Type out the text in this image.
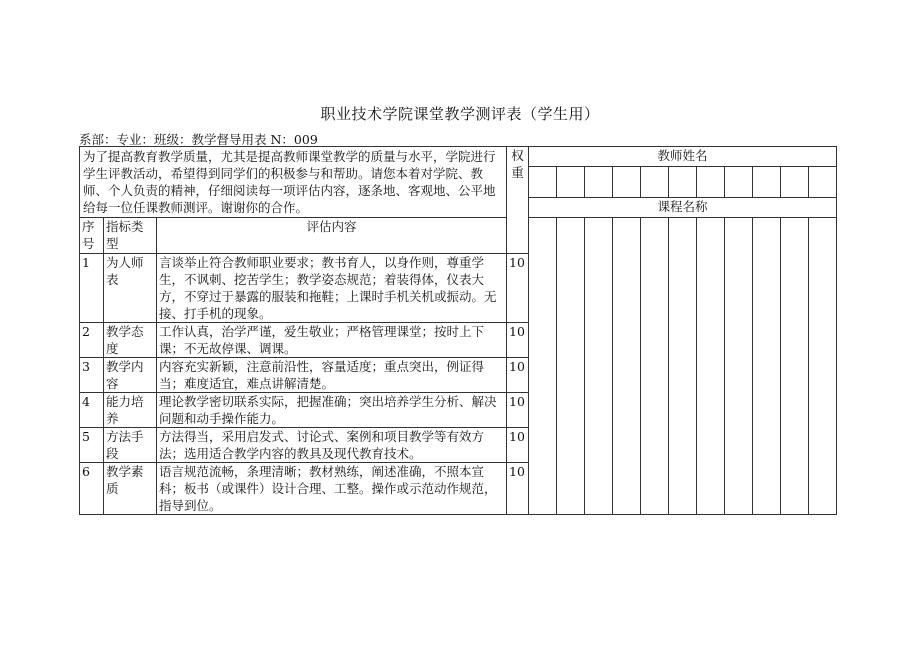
职业技术学院课堂教学测评表（学生用）
系部：专业：班级：教学督导用表 N：009
为了提高教育教学质量，尤其是提高教师课堂教学的质量与水平，学院进行学生评教活动，希望得到同学们的积极参与和帮助。请您本着对学院、教师、个人负责的精神，仔细阅读每一项评估内容，逐条地、客观地、公平地给每一位任课教师测评。谢谢你的合作。			权重	教师姓名										

				课程名称										
序号	指标类型	评估内容												
1	为人师表	言谈举止符合教师职业要求；教书育人，以身作则，尊重学生，不讽刺、挖苦学生；教学姿态规范；着装得体，仪表大方，不穿过于暴露的服装和拖鞋；上课时手机关机或振动。无接、打手机的现象。	10											
2	教学态度	工作认真，治学严谨，爱生敬业；严格管理课堂；按时上下课；不无故停课、调课。	10											
3	教学内容	内容充实新颖，注意前沿性，容量适度；重点突出，例证得当；难度适宜，难点讲解清楚。	10											
4	能力培养	理论教学密切联系实际，把握准确；突出培养学生分析、解决问题和动手操作能力。	10											
5	方法手段	方法得当，采用启发式、讨论式、案例和项目教学等有效方法；选用适合教学内容的教具及现代教育技术。	10											
6	教学素质	语言规范流畅，条理清晰；教材熟练，阐述准确，不照本宣科；板书（或课件）设计合理、工整。操作或示范动作规范，指导到位。	10											
